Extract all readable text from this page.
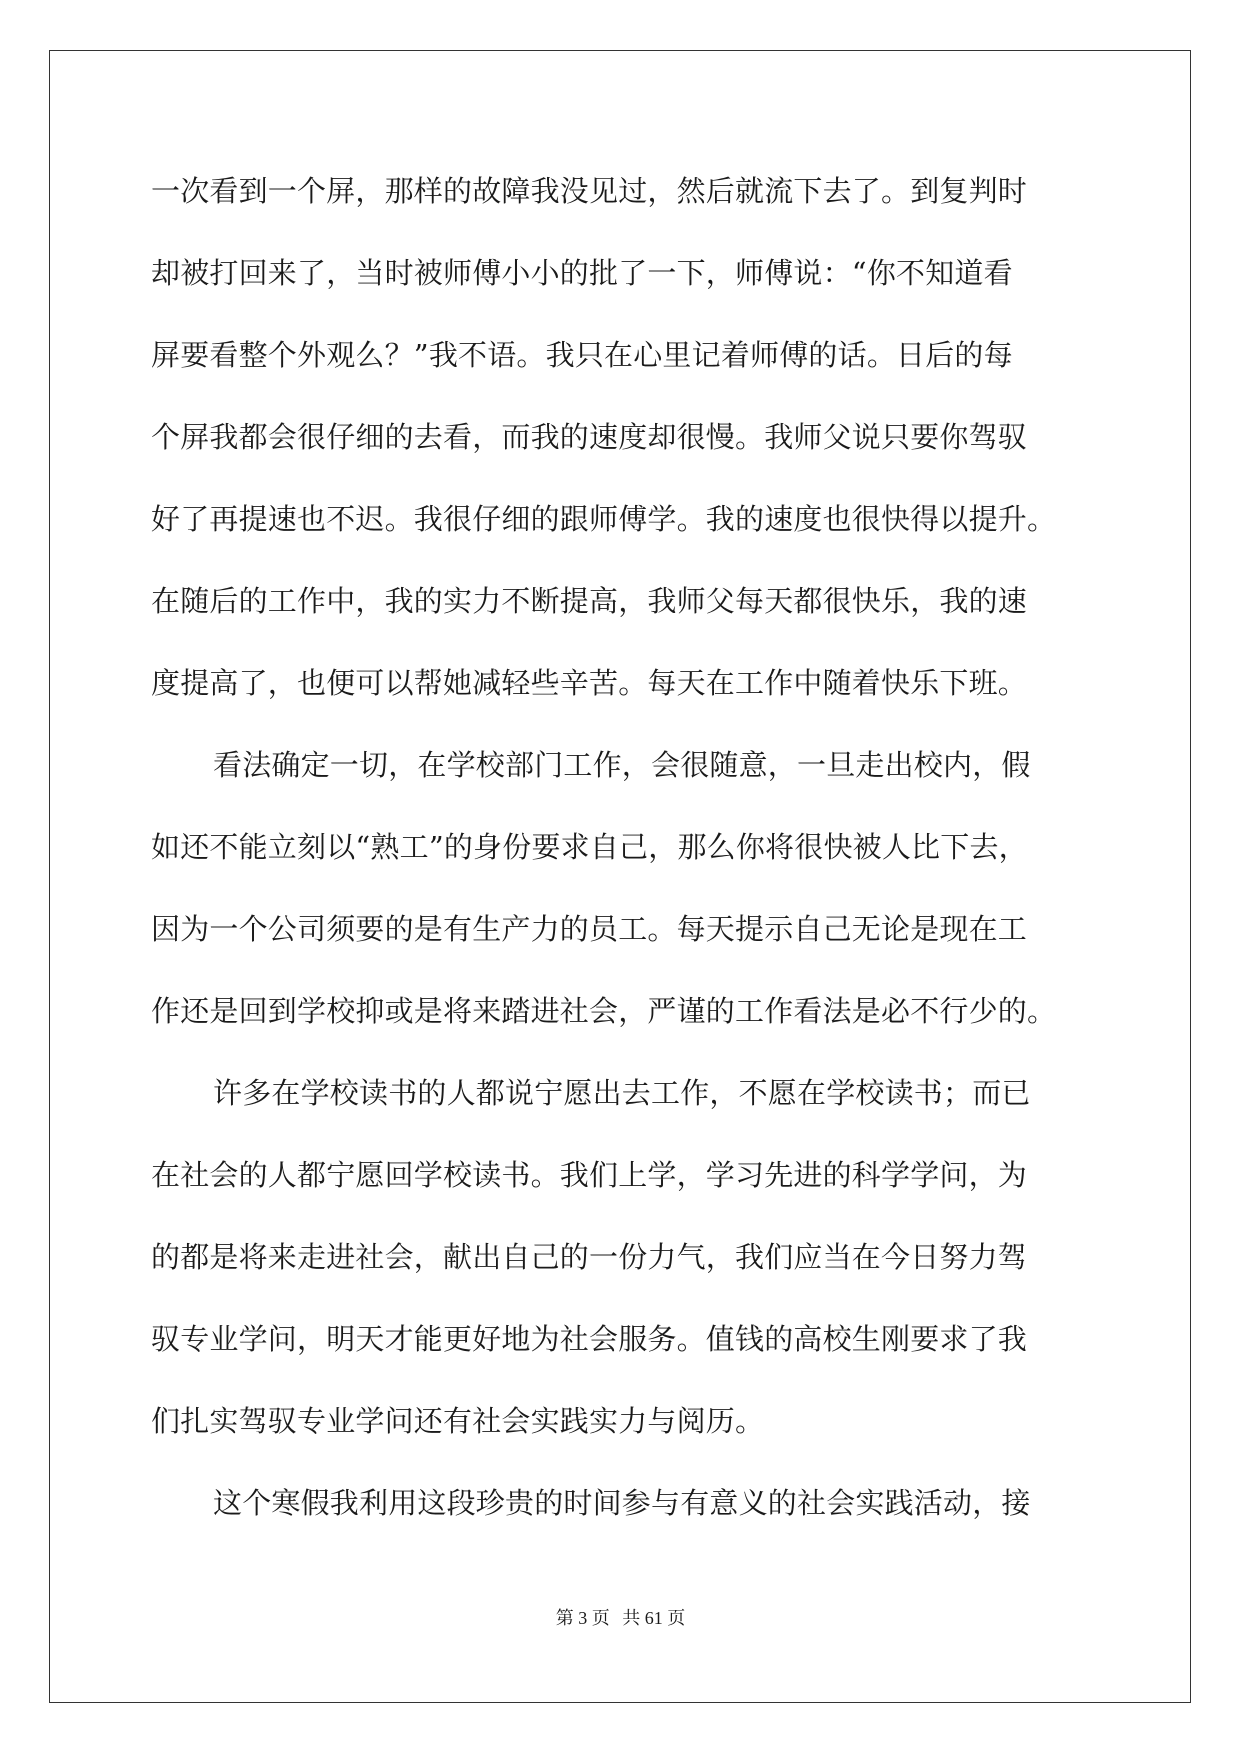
一次看到一个屏，那样的故障我没见过，然后就流下去了。到复判时
却被打回来了，当时被师傅小小的批了一下，师傅说：“你不知道看
屏要看整个外观么？”我不语。我只在心里记着师傅的话。日后的每
个屏我都会很仔细的去看，而我的速度却很慢。我师父说只要你驾驭
好了再提速也不迟。我很仔细的跟师傅学。我的速度也很快得以提升。
在随后的工作中，我的实力不断提高，我师父每天都很快乐，我的速
度提高了，也便可以帮她减轻些辛苦。每天在工作中随着快乐下班。
看法确定一切，在学校部门工作，会很随意，一旦走出校内，假
如还不能立刻以“熟工”的身份要求自己，那么你将很快被人比下去，
因为一个公司须要的是有生产力的员工。每天提示自己无论是现在工
作还是回到学校抑或是将来踏进社会，严谨的工作看法是必不行少的。
许多在学校读书的人都说宁愿出去工作，不愿在学校读书；而已
在社会的人都宁愿回学校读书。我们上学，学习先进的科学学问，为
的都是将来走进社会，献出自己的一份力气，我们应当在今日努力驾
驭专业学问，明天才能更好地为社会服务。值钱的高校生刚要求了我
们扎实驾驭专业学问还有社会实践实力与阅历。
这个寒假我利用这段珍贵的时间参与有意义的社会实践活动，接
第 3 页 共 61 页
